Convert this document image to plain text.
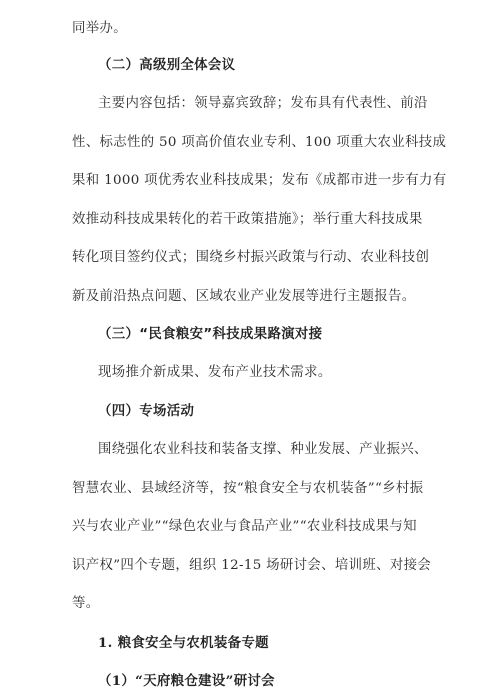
同举办。
（二）高级别全体会议
主要内容包括：领导嘉宾致辞；发布具有代表性、前沿
性、标志性的 50 项高价值农业专利、100 项重大农业科技成
果和 1000 项优秀农业科技成果；发布《成都市进一步有力有
效推动科技成果转化的若干政策措施》；举行重大科技成果
转化项目签约仪式；围绕乡村振兴政策与行动、农业科技创
新及前沿热点问题、区域农业产业发展等进行主题报告。
（三）“民食粮安”科技成果路演对接
现场推介新成果、发布产业技术需求。
（四）专场活动
围绕强化农业科技和装备支撑、种业发展、产业振兴、
智慧农业、县域经济等，按“粮食安全与农机装备”“乡村振
兴与农业产业”“绿色农业与食品产业”“农业科技成果与知
识产权”四个专题，组织 12-15 场研讨会、培训班、对接会
等。
1. 粮食安全与农机装备专题
（1）“天府粮仓建设”研讨会
